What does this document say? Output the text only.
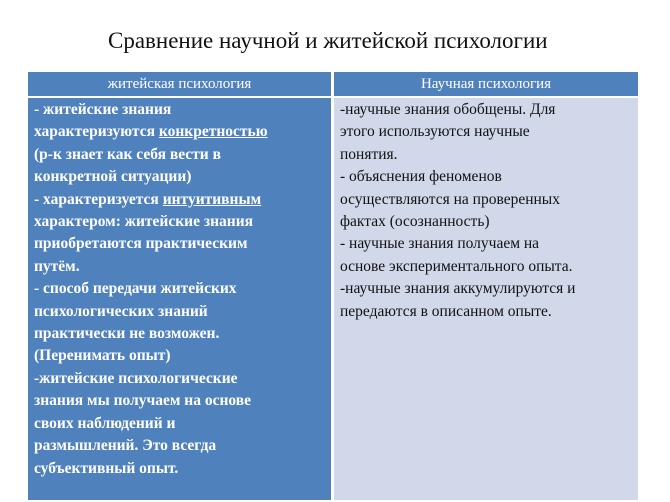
Сравнение научной и житейской психологии
житейская психология	Научная психология
- житейские знания
характеризуются конкретностью
(р-к знает как себя вести в
конкретной ситуации)
- характеризуется интуитивным
характером: житейские знания
приобретаются практическим
путём.
- способ передачи житейских
психологических знаний
практически не возможен.
(Перенимать опыт)
-житейские психологические
знания мы получаем на основе
своих наблюдений и
размышлений. Это всегда
субъективный опыт.
-научные знания обобщены. Для
этого используются научные
понятия.
- объяснения феноменов
осуществляются на проверенных
фактах (осознанность)
- научные знания получаем на
основе экспериментального опыта.
-научные знания аккумулируются и
передаются в описанном опыте.
